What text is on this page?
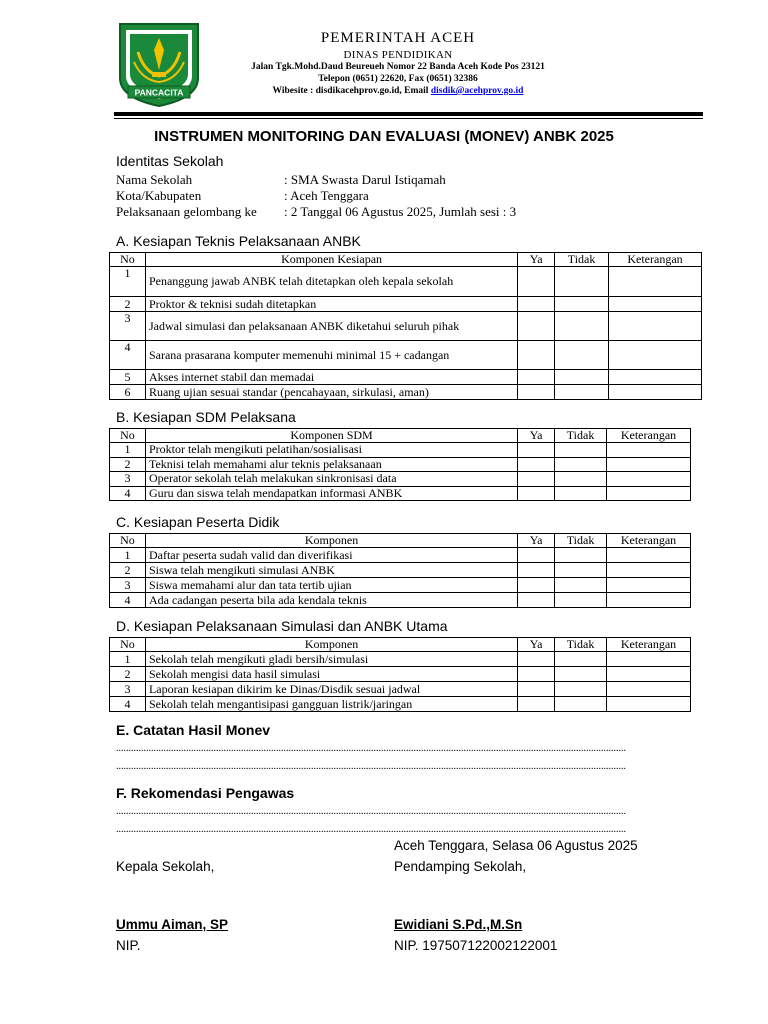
PANCACITA
PEMERINTAH ACEH
DINAS PENDIDIKAN
Jalan Tgk.Mohd.Daud Beureueh Nomor 22 Banda Aceh Kode Pos 23121
Telepon (0651) 22620, Fax (0651) 32386
Wibesite : disdikacehprov.go.id, Email disdik@acehprov.go.id
INSTRUMEN MONITORING DAN EVALUASI (MONEV) ANBK 2025
Identitas Sekolah
Nama Sekolah	: SMA Swasta Darul Istiqamah
Kota/Kabupaten	: Aceh Tenggara
Pelaksanaan gelombang ke	: 2 Tanggal 06 Agustus 2025, Jumlah sesi : 3
A. Kesiapan Teknis Pelaksanaan ANBK
No	Komponen Kesiapan	Ya	Tidak	Keterangan
1	Penanggung jawab ANBK telah ditetapkan oleh kepala sekolah			
2	Proktor & teknisi sudah ditetapkan			
3	Jadwal simulasi dan pelaksanaan ANBK diketahui seluruh pihak			
4	Sarana prasarana komputer memenuhi minimal 15 + cadangan			
5	Akses internet stabil dan memadai			
6	Ruang ujian sesuai standar (pencahayaan, sirkulasi, aman)			
B. Kesiapan SDM Pelaksana
No	Komponen SDM	Ya	Tidak	Keterangan
1	Proktor telah mengikuti pelatihan/sosialisasi			
2	Teknisi telah memahami alur teknis pelaksanaan			
3	Operator sekolah telah melakukan sinkronisasi data			
4	Guru dan siswa telah mendapatkan informasi ANBK			
C. Kesiapan Peserta Didik
No	Komponen	Ya	Tidak	Keterangan
1	Daftar peserta sudah valid dan diverifikasi			
2	Siswa telah mengikuti simulasi ANBK			
3	Siswa memahami alur dan tata tertib ujian			
4	Ada cadangan peserta bila ada kendala teknis			
D. Kesiapan Pelaksanaan Simulasi dan ANBK Utama
No	Komponen	Ya	Tidak	Keterangan
1	Sekolah telah mengikuti gladi bersih/simulasi			
2	Sekolah mengisi data hasil simulasi			
3	Laporan kesiapan dikirim ke Dinas/Disdik sesuai jadwal			
4	Sekolah telah mengantisipasi gangguan listrik/jaringan			
E. Catatan Hasil Monev
............................................................................................................................................................................................................
............................................................................................................................................................................................................
F. Rekomendasi Pengawas
............................................................................................................................................................................................................
............................................................................................................................................................................................................
Aceh Tenggara, Selasa 06 Agustus 2025
Kepala Sekolah,	Pendamping Sekolah,
Ummu Aiman, SP	Ewidiani S.Pd.,M.Sn
NIP.	NIP. 197507122002122001
